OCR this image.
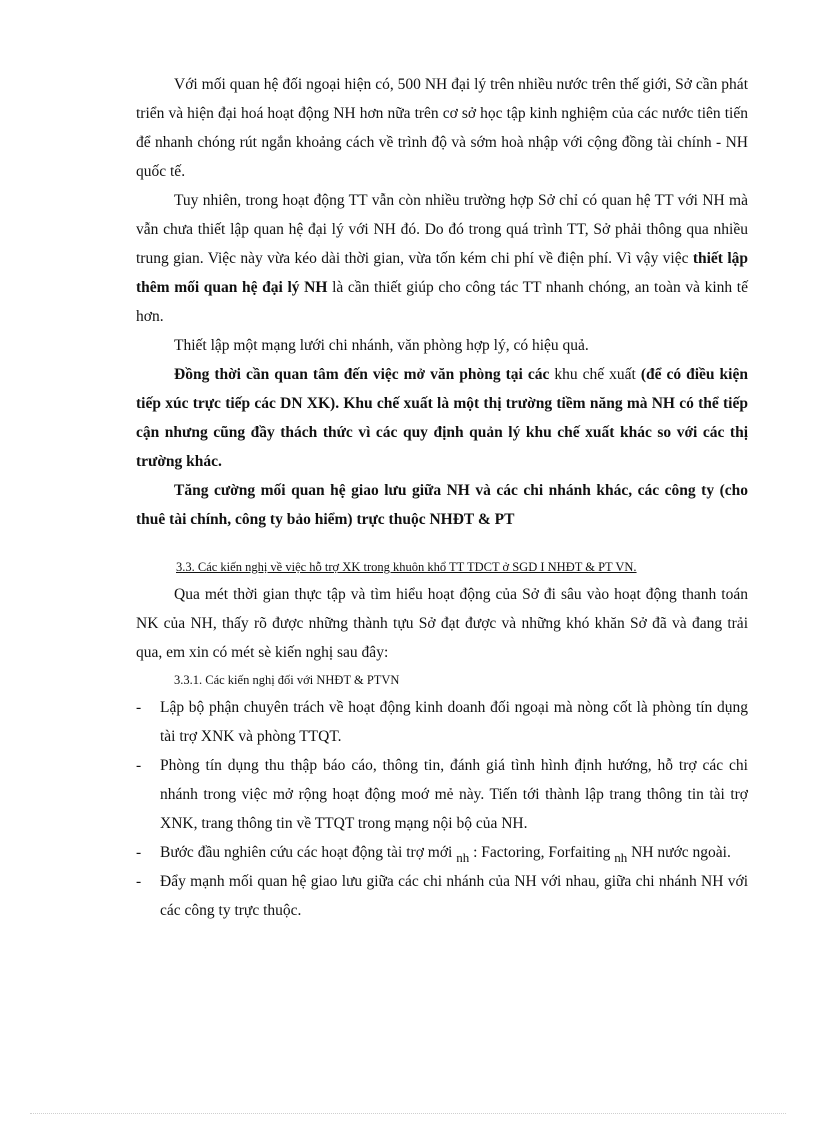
Với mối quan hệ đối ngoại hiện có, 500 NH đại lý trên nhiều nước trên thế giới, Sở cần phát triển và hiện đại hoá hoạt động NH hơn nữa trên cơ sở học tập kinh nghiệm của các nước tiên tiến để nhanh chóng rút ngắn khoảng cách về trình độ và sớm hoà nhập với cộng đồng tài chính - NH quốc tế.

Tuy nhiên, trong hoạt động TT vẫn còn nhiều trường hợp Sở chỉ có quan hệ TT với NH mà vẫn chưa thiết lập quan hệ đại lý với NH đó. Do đó trong quá trình TT, Sở phải thông qua nhiều trung gian. Việc này vừa kéo dài thời gian, vừa tốn kém chi phí về điện phí. Vì vậy việc thiết lập thêm mối quan hệ đại lý NH là cần thiết giúp cho công tác TT nhanh chóng, an toàn và kinh tế hơn.

Thiết lập một mạng lưới chi nhánh, văn phòng hợp lý, có hiệu quả.

Đồng thời cần quan tâm đến việc mở văn phòng tại các khu chế xuất (để có điều kiện tiếp xúc trực tiếp các DN XK). Khu chế xuất là một thị trường tiềm năng mà NH có thể tiếp cận nhưng cũng đầy thách thức vì các quy định quản lý khu chế xuất khác so với các thị trường khác.

Tăng cường mối quan hệ giao lưu giữa NH và các chi nhánh khác, các công ty (cho thuê tài chính, công ty bảo hiểm) trực thuộc NHĐT & PT

3.3. Các kiến nghị về việc hỗ trợ XK trong khuôn khổ TT TDCT ở SGD I NHĐT & PT VN.

Qua mét thời gian thực tập và tìm hiểu hoạt động của Sở đi sâu vào hoạt động thanh toán NK của NH, thấy rõ được những thành tựu Sở đạt được và những khó khăn Sở đã và đang trải qua, em xin có mét sè kiến nghị sau đây:

3.3.1. Các kiến nghị đối với NHĐT & PTVN

- Lập bộ phận chuyên trách về hoạt động kinh doanh đối ngoại mà nòng cốt là phòng tín dụng tài trợ XNK và phòng TTQT.

- Phòng tín dụng thu thập báo cáo, thông tin, đánh giá tình hình định hướng, hỗ trợ các chi nhánh trong việc mở rộng hoạt động moớ mẻ này. Tiến tới thành lập trang thông tin tài trợ XNK, trang thông tin về TTQT trong mạng nội bộ của NH.

- Bước đầu nghiên cứu các hoạt động tài trợ mới $_{nh}$ : Factoring, Forfaiting $_{nh}$ NH nước ngoài.

- Đẩy mạnh mối quan hệ giao lưu giữa các chi nhánh của NH với nhau, giữa chi nhánh NH với các công ty trực thuộc.
